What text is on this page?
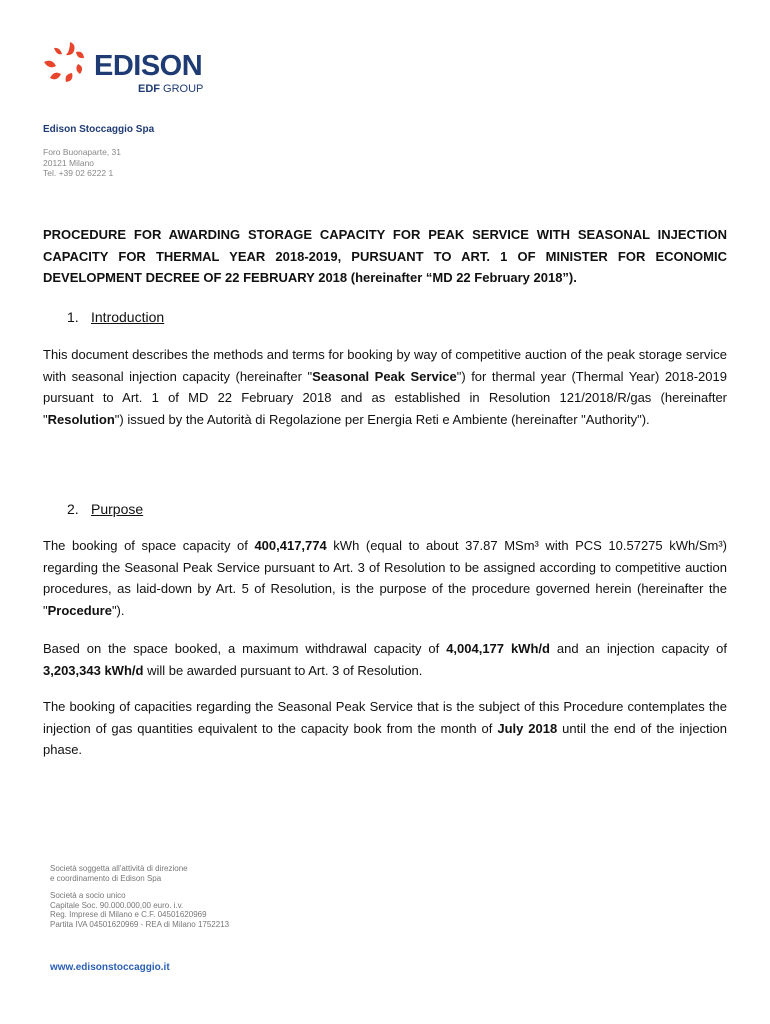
EDISON
EDF GROUP
Edison Stoccaggio Spa
Foro Buonaparte, 31
20121 Milano
Tel. +39 02 6222 1
PROCEDURE FOR AWARDING STORAGE CAPACITY FOR PEAK SERVICE WITH SEASONAL INJECTION CAPACITY FOR THERMAL YEAR 2018-2019, PURSUANT TO ART. 1 OF MINISTER FOR ECONOMIC DEVELOPMENT DECREE OF 22 FEBRUARY 2018 (hereinafter “MD 22 February 2018”).
1. Introduction
This document describes the methods and terms for booking by way of competitive auction of the peak storage service with seasonal injection capacity (hereinafter "Seasonal Peak Service") for thermal year (Thermal Year) 2018-2019 pursuant to Art. 1 of MD 22 February 2018 and as established in Resolution 121/2018/R/gas (hereinafter "Resolution") issued by the Autorità di Regolazione per Energia Reti e Ambiente (hereinafter "Authority").
2. Purpose
The booking of space capacity of 400,417,774 kWh (equal to about 37.87 MSm³ with PCS 10.57275 kWh/Sm³) regarding the Seasonal Peak Service pursuant to Art. 3 of Resolution to be assigned according to competitive auction procedures, as laid-down by Art. 5 of Resolution, is the purpose of the procedure governed herein (hereinafter the "Procedure").
Based on the space booked, a maximum withdrawal capacity of 4,004,177 kWh/d and an injection capacity of 3,203,343 kWh/d will be awarded pursuant to Art. 3 of Resolution.
The booking of capacities regarding the Seasonal Peak Service that is the subject of this Procedure contemplates the injection of gas quantities equivalent to the capacity book from the month of July 2018 until the end of the injection phase.
Società soggetta all'attività di direzione
e coordinamento di Edison Spa
Società a socio unico
Capitale Soc. 90.000.000,00 euro. i.v.
Reg. Imprese di Milano e C.F. 04501620969
Partita IVA 04501620969 - REA di Milano 1752213
www.edisonstoccaggio.it
